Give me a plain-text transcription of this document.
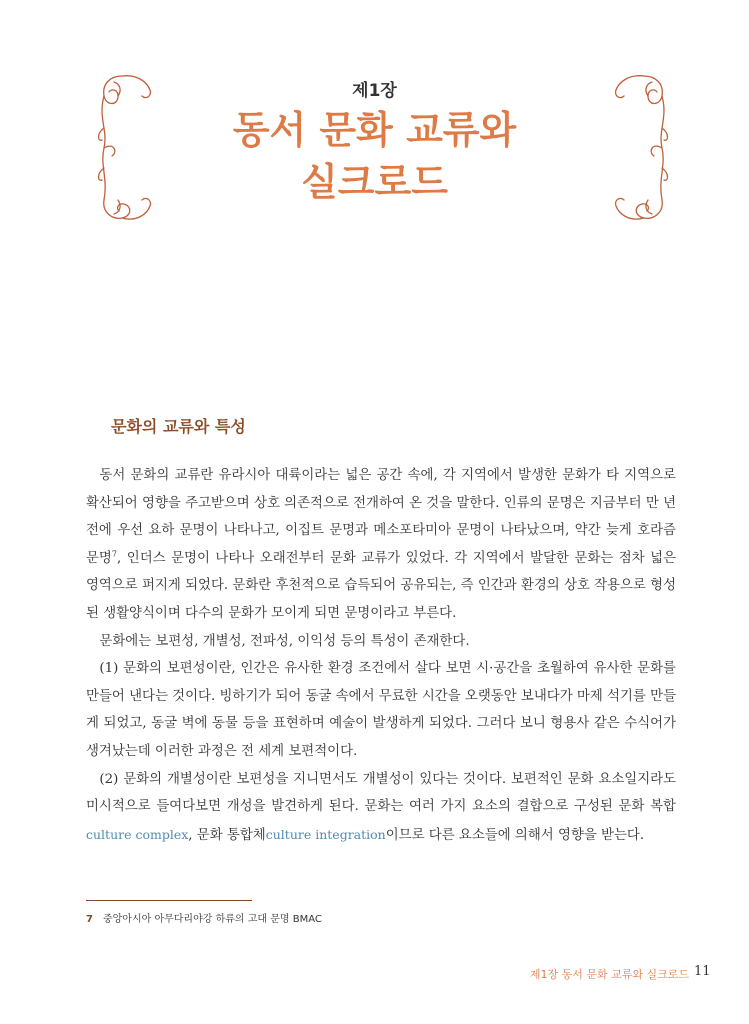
제1장
동서 문화 교류와
실크로드
문화의 교류와 특성

동서 문화의 교류란 유라시아 대륙이라는 넓은 공간 속에, 각 지역에서 발생한 문화가 타 지역으로 확산되어 영향을 주고받으며 상호 의존적으로 전개하여 온 것을 말한다. 인류의 문명은 지금부터 만 년 전에 우선 요하 문명이 나타나고, 이집트 문명과 메소포타미아 문명이 나타났으며, 약간 늦게 호라즘 문명$^7$, 인더스 문명이 나타나 오래전부터 문화 교류가 있었다. 각 지역에서 발달한 문화는 점차 넓은 영역으로 퍼지게 되었다. 문화란 후천적으로 습득되어 공유되는, 즉 인간과 환경의 상호 작용으로 형성된 생활양식이며 다수의 문화가 모이게 되면 문명이라고 부른다.

문화에는 보편성, 개별성, 전파성, 이익성 등의 특성이 존재한다.

(1) 문화의 보편성이란, 인간은 유사한 환경 조건에서 살다 보면 시·공간을 초월하여 유사한 문화를 만들어 낸다는 것이다. 빙하기가 되어 동굴 속에서 무료한 시간을 오랫동안 보내다가 마제 석기를 만들게 되었고, 동굴 벽에 동물 등을 표현하며 예술이 발생하게 되었다. 그러다 보니 형용사 같은 수식어가 생겨났는데 이러한 과정은 전 세계 보편적이다.

(2) 문화의 개별성이란 보편성을 지니면서도 개별성이 있다는 것이다. 보편적인 문화 요소일지라도 미시적으로 들여다보면 개성을 발견하게 된다. 문화는 여러 가지 요소의 결합으로 구성된 문화 복합culture complex, 문화 통합체culture integration이므로 다른 요소들에 의해서 영향을 받는다.

7 중앙아시아 아무다리야강 하류의 고대 문명 BMAC
제1장 동서 문화 교류와 실크로드 11
